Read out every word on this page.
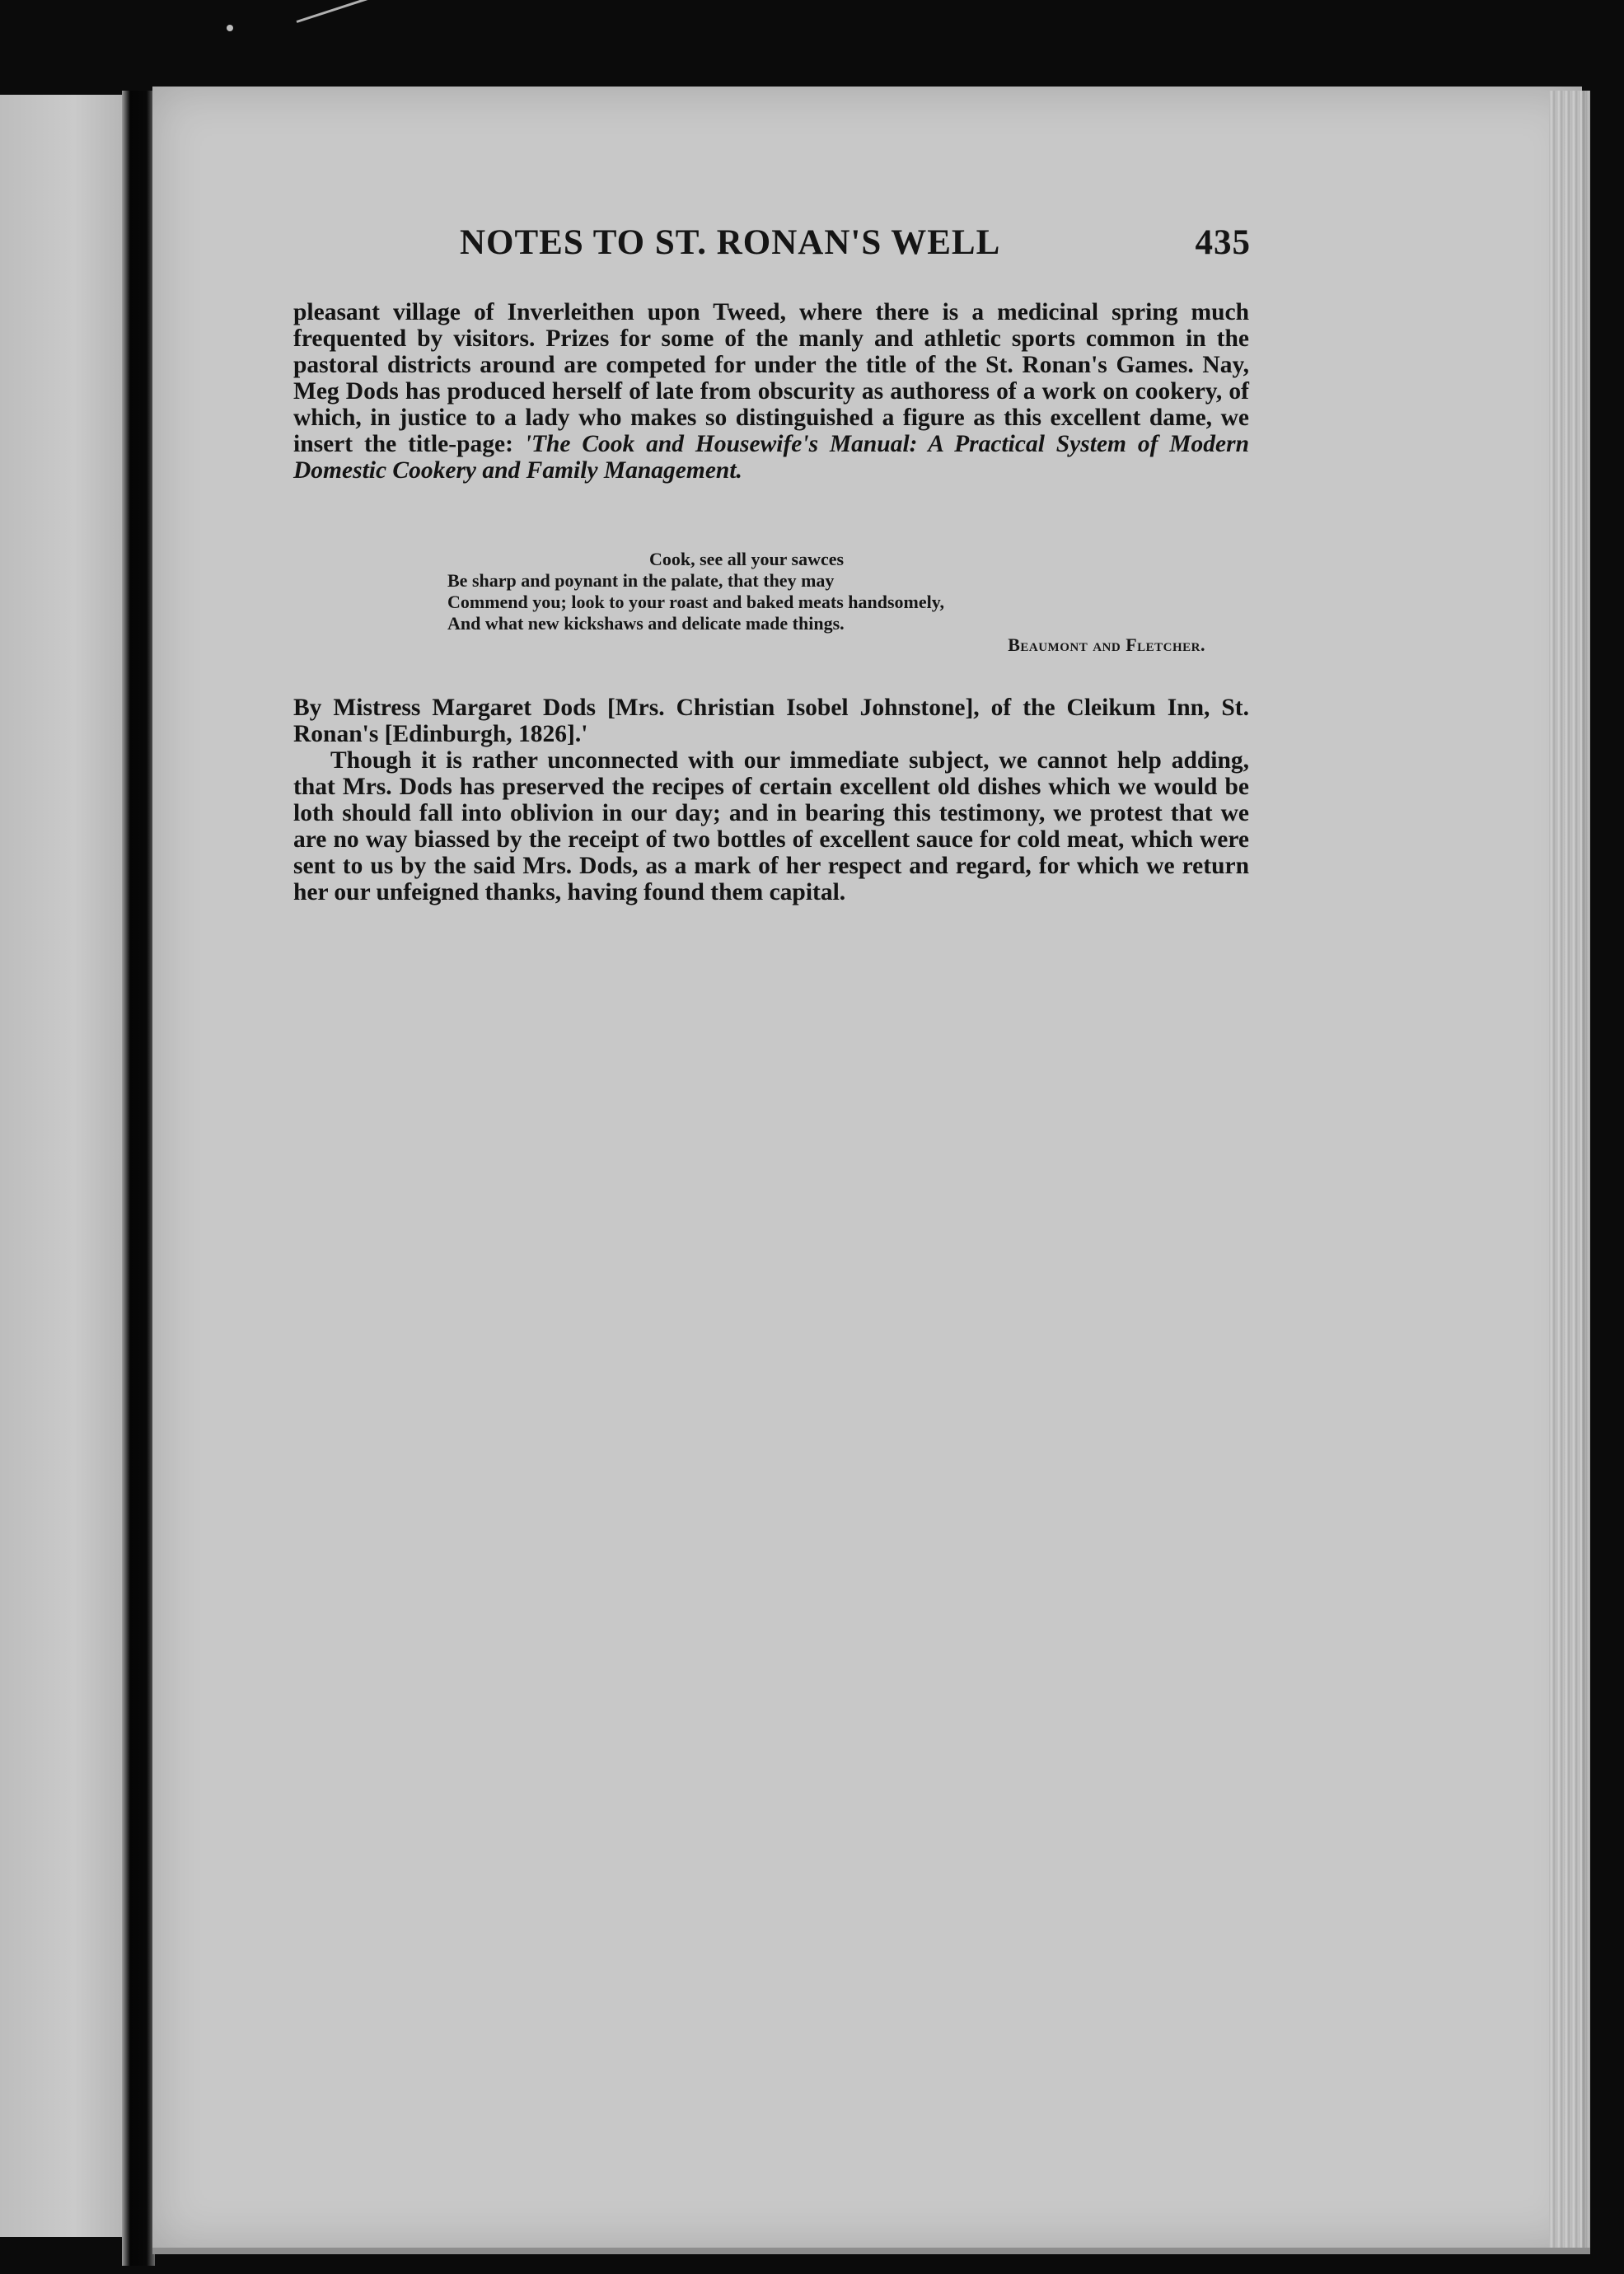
NOTES TO ST. RONAN'S WELL	435
pleasant village of Inverleithen upon Tweed, where there is a medicinal spring much frequented by visitors. Prizes for some of the manly and athletic sports common in the pastoral districts around are competed for under the title of the St. Ronan's Games. Nay, Meg Dods has produced herself of late from obscurity as authoress of a work on cookery, of which, in justice to a lady who makes so distinguished a figure as this excellent dame, we insert the title-page: 'The Cook and Housewife's Manual: A Practical System of Modern Domestic Cookery and Family Management.
Cook, see all your sawces
Be sharp and poynant in the palate, that they may
Commend you; look to your roast and baked meats handsomely,
And what new kickshaws and delicate made things.
Beaumont and Fletcher.
By Mistress Margaret Dods [Mrs. Christian Isobel Johnstone], of the Cleikum Inn, St. Ronan's [Edinburgh, 1826].'
Though it is rather unconnected with our immediate subject, we cannot help adding, that Mrs. Dods has preserved the recipes of certain excellent old dishes which we would be loth should fall into oblivion in our day; and in bearing this testimony, we protest that we are no way biassed by the receipt of two bottles of excellent sauce for cold meat, which were sent to us by the said Mrs. Dods, as a mark of her respect and regard, for which we return her our unfeigned thanks, having found them capital.
